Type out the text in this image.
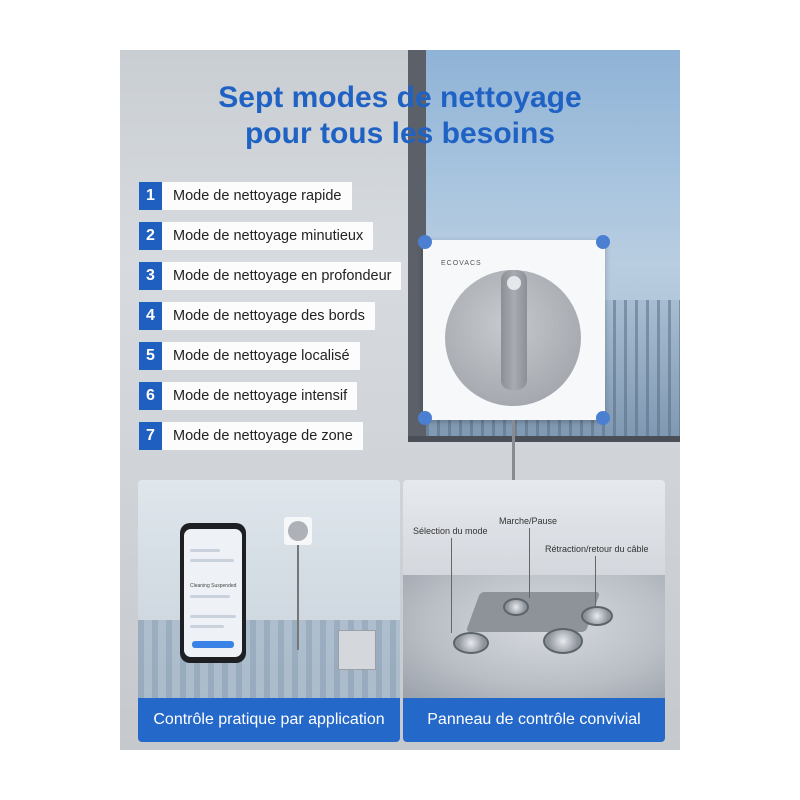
Sept modes de nettoyage
pour tous les besoins
1	Mode de nettoyage rapide
2	Mode de nettoyage minutieux
3	Mode de nettoyage en profondeur
4	Mode de nettoyage des bords
5	Mode de nettoyage localisé
6	Mode de nettoyage intensif
7	Mode de nettoyage de zone
ECOVACS
Cleaning Suspended
Contrôle pratique par application
Sélection du mode
Marche/Pause
Rétraction/retour du câble
Panneau de contrôle convivial
